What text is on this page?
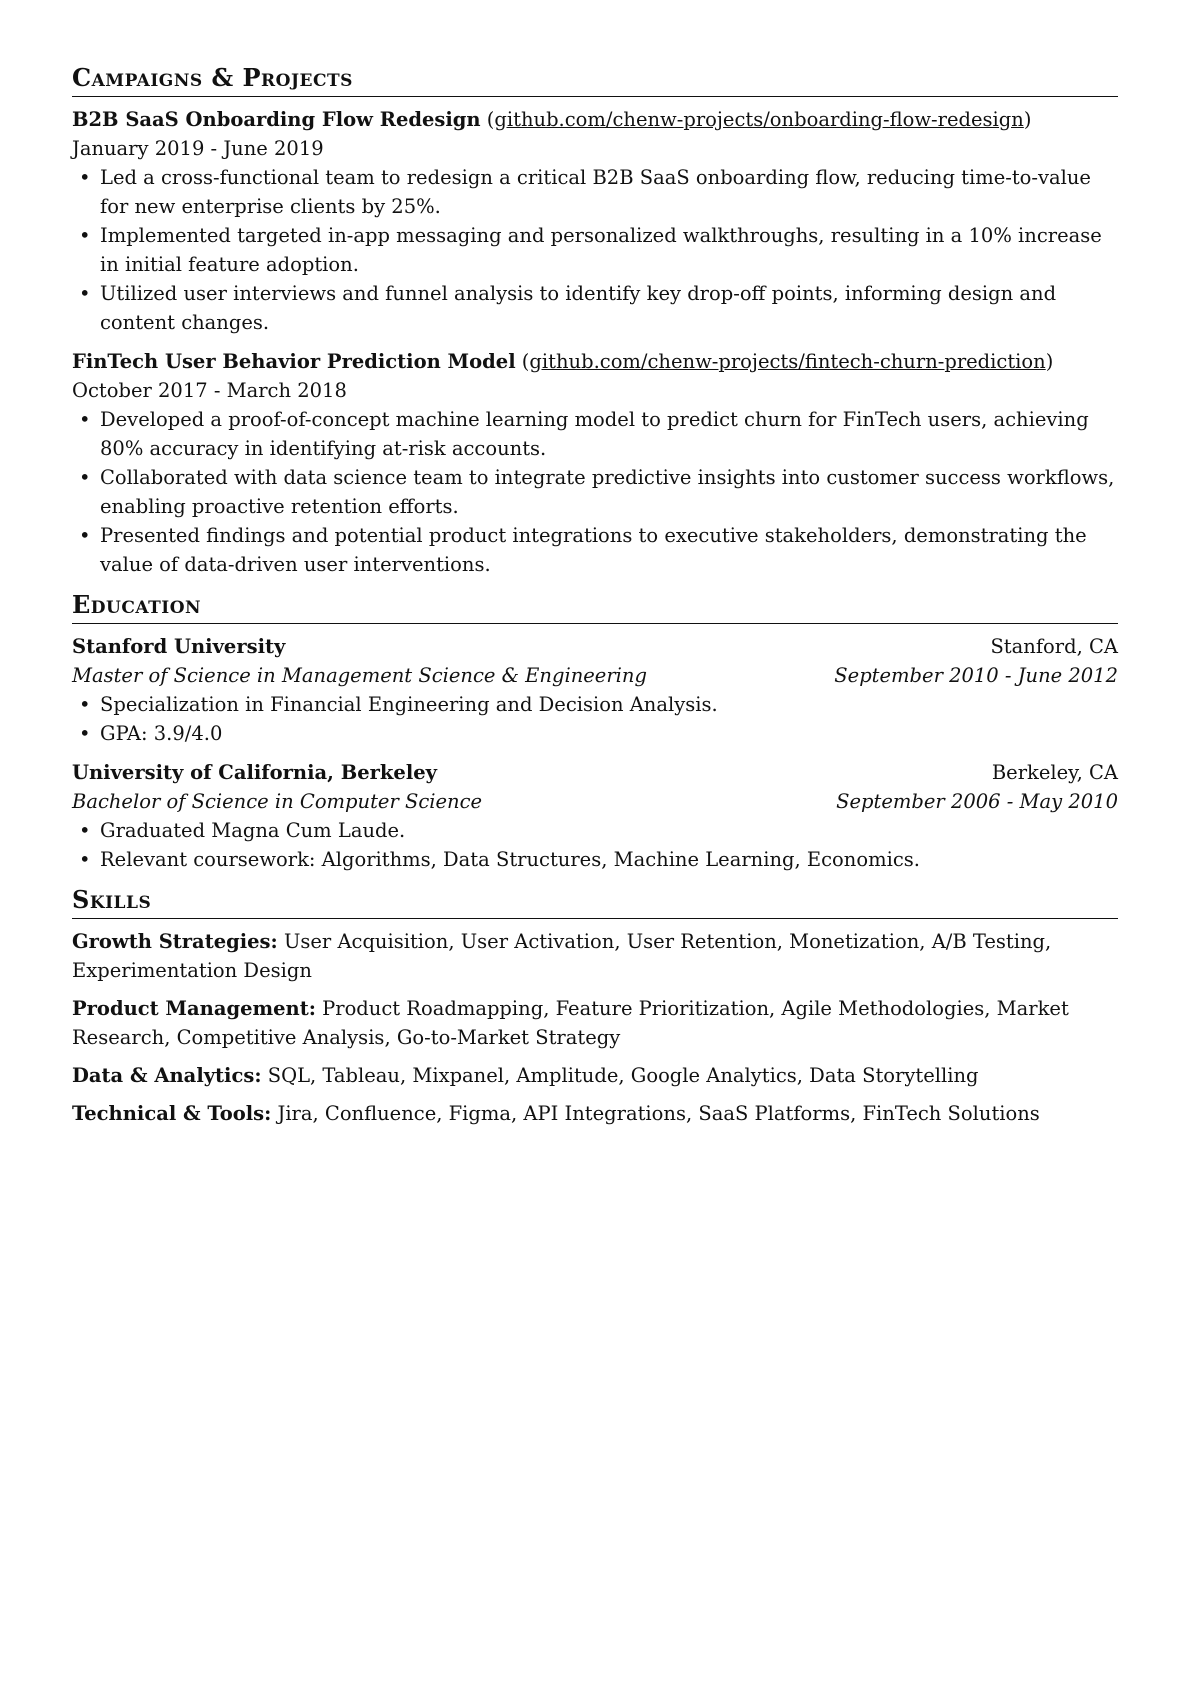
Campaigns & Projects
B2B SaaS Onboarding Flow Redesign (github.com/chenw-projects/onboarding-flow-redesign)  January 2019 - June 2019
• Led a cross-functional team to redesign a critical B2B SaaS onboarding flow, reducing time-to-value for new enterprise clients by 25%.
• Implemented targeted in-app messaging and personalized walkthroughs, resulting in a 10% increase in initial feature adoption.
• Utilized user interviews and funnel analysis to identify key drop-off points, informing design and content changes.
FinTech User Behavior Prediction Model (github.com/chenw-projects/fintech-churn-prediction)  October 2017 - March 2018
• Developed a proof-of-concept machine learning model to predict churn for FinTech users, achieving 80% accuracy in identifying at-risk accounts.
• Collaborated with data science team to integrate predictive insights into customer success workflows, enabling proactive retention efforts.
• Presented findings and potential product integrations to executive stakeholders, demonstrating the value of data-driven user interventions.
Education
Stanford University	Stanford, CA
Master of Science in Management Science & Engineering	September 2010 - June 2012
• Specialization in Financial Engineering and Decision Analysis.
• GPA: 3.9/4.0
University of California, Berkeley	Berkeley, CA
Bachelor of Science in Computer Science	September 2006 - May 2010
• Graduated Magna Cum Laude.
• Relevant coursework: Algorithms, Data Structures, Machine Learning, Economics.
Skills
Growth Strategies: User Acquisition, User Activation, User Retention, Monetization, A/B Testing, Experimentation Design
Product Management: Product Roadmapping, Feature Prioritization, Agile Methodologies, Market Research, Competitive Analysis, Go-to-Market Strategy
Data & Analytics: SQL, Tableau, Mixpanel, Amplitude, Google Analytics, Data Storytelling
Technical & Tools: Jira, Confluence, Figma, API Integrations, SaaS Platforms, FinTech Solutions
